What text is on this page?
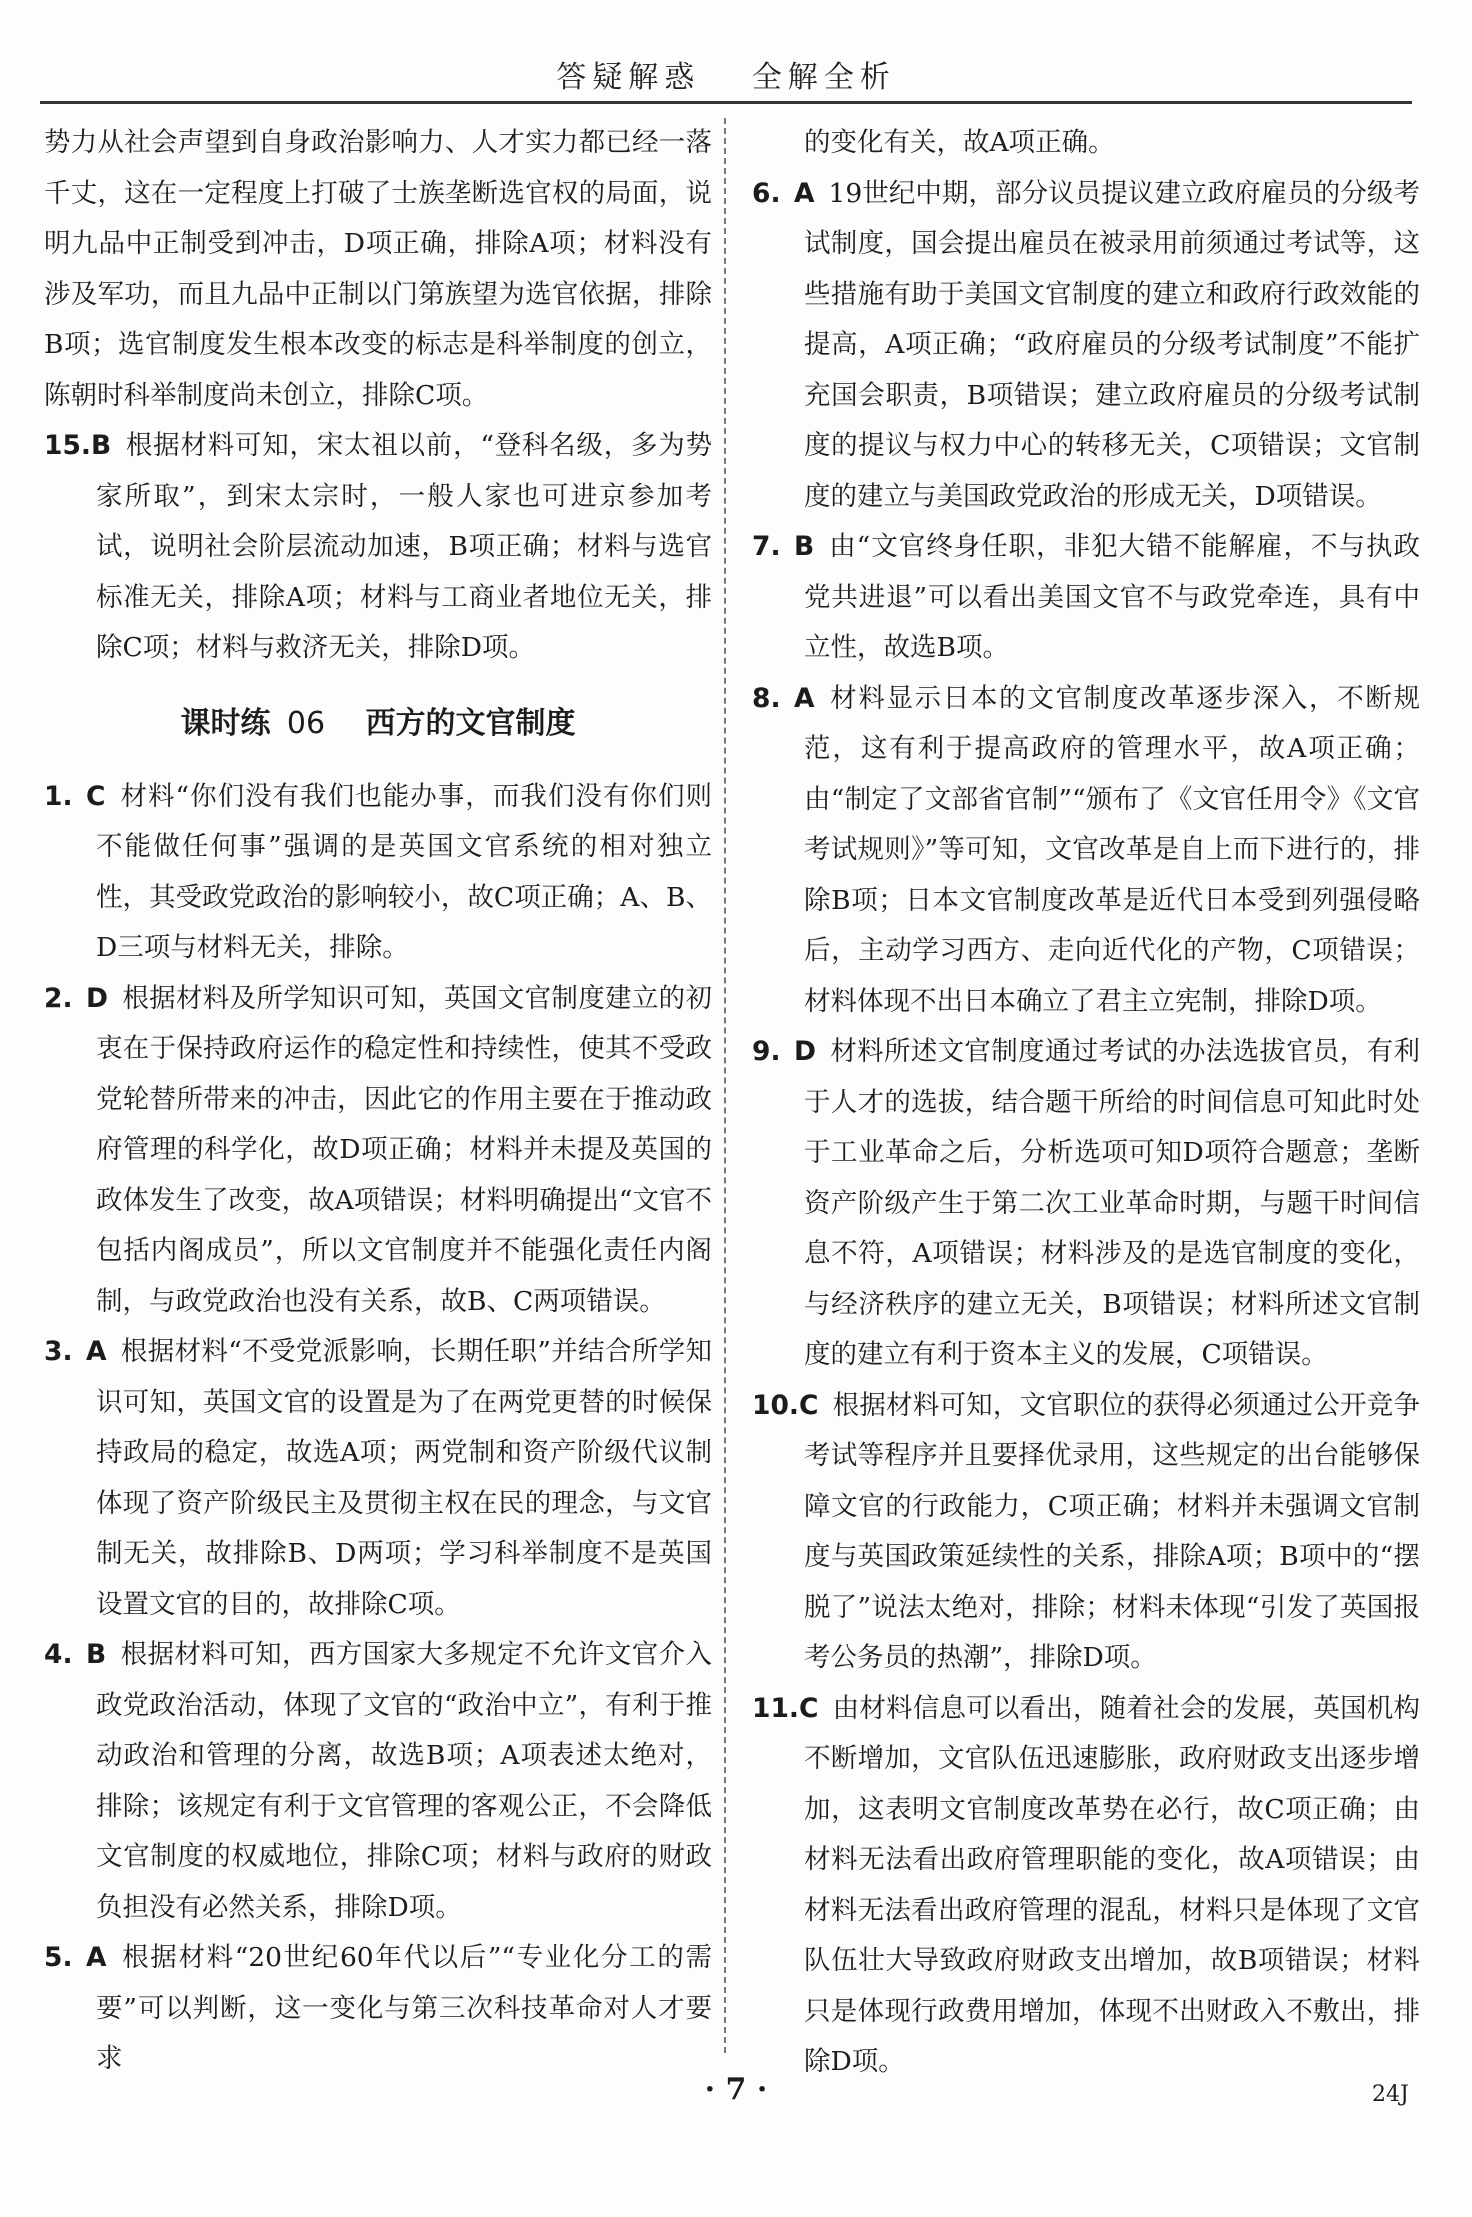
答疑解惑 全解全析

势力从社会声望到自身政治影响力、人才实力都已经一落千丈，这在一定程度上打破了士族垄断选官权的局面，说明九品中正制受到冲击，D项正确，排除A项；材料没有涉及军功，而且九品中正制以门第族望为选官依据，排除B项；选官制度发生根本改变的标志是科举制度的创立，陈朝时科举制度尚未创立，排除C项。

15.B 根据材料可知，宋太祖以前，“登科名级，多为势家所取”，到宋太宗时，一般人家也可进京参加考试，说明社会阶层流动加速，B项正确；材料与选官标准无关，排除A项；材料与工商业者地位无关，排除C项；材料与救济无关，排除D项。

课时练 06 西方的文官制度

1. C 材料“你们没有我们也能办事，而我们没有你们则不能做任何事”强调的是英国文官系统的相对独立性，其受政党政治的影响较小，故C项正确；A、B、D三项与材料无关，排除。

2. D 根据材料及所学知识可知，英国文官制度建立的初衷在于保持政府运作的稳定性和持续性，使其不受政党轮替所带来的冲击，因此它的作用主要在于推动政府管理的科学化，故D项正确；材料并未提及英国的政体发生了改变，故A项错误；材料明确提出“文官不包括内阁成员”，所以文官制度并不能强化责任内阁制，与政党政治也没有关系，故B、C两项错误。

3. A 根据材料“不受党派影响，长期任职”并结合所学知识可知，英国文官的设置是为了在两党更替的时候保持政局的稳定，故选A项；两党制和资产阶级代议制体现了资产阶级民主及贯彻主权在民的理念，与文官制无关，故排除B、D两项；学习科举制度不是英国设置文官的目的，故排除C项。

4. B 根据材料可知，西方国家大多规定不允许文官介入政党政治活动，体现了文官的“政治中立”，有利于推动政治和管理的分离，故选B项；A项表述太绝对，排除；该规定有利于文官管理的客观公正，不会降低文官制度的权威地位，排除C项；材料与政府的财政负担没有必然关系，排除D项。

5. A 根据材料“20世纪60年代以后”“专业化分工的需要”可以判断，这一变化与第三次科技革命对人才要求

的变化有关，故A项正确。

6. A 19世纪中期，部分议员提议建立政府雇员的分级考试制度，国会提出雇员在被录用前须通过考试等，这些措施有助于美国文官制度的建立和政府行政效能的提高，A项正确；“政府雇员的分级考试制度”不能扩充国会职责，B项错误；建立政府雇员的分级考试制度的提议与权力中心的转移无关，C项错误；文官制度的建立与美国政党政治的形成无关，D项错误。

7. B 由“文官终身任职，非犯大错不能解雇，不与执政党共进退”可以看出美国文官不与政党牵连，具有中立性，故选B项。

8. A 材料显示日本的文官制度改革逐步深入，不断规范，这有利于提高政府的管理水平，故A项正确；由“制定了文部省官制”“颁布了《文官任用令》《文官考试规则》”等可知，文官改革是自上而下进行的，排除B项；日本文官制度改革是近代日本受到列强侵略后，主动学习西方、走向近代化的产物，C项错误；材料体现不出日本确立了君主立宪制，排除D项。

9. D 材料所述文官制度通过考试的办法选拔官员，有利于人才的选拔，结合题干所给的时间信息可知此时处于工业革命之后，分析选项可知D项符合题意；垄断资产阶级产生于第二次工业革命时期，与题干时间信息不符，A项错误；材料涉及的是选官制度的变化，与经济秩序的建立无关，B项错误；材料所述文官制度的建立有利于资本主义的发展，C项错误。

10.C 根据材料可知，文官职位的获得必须通过公开竞争考试等程序并且要择优录用，这些规定的出台能够保障文官的行政能力，C项正确；材料并未强调文官制度与英国政策延续性的关系，排除A项；B项中的“摆脱了”说法太绝对，排除；材料未体现“引发了英国报考公务员的热潮”，排除D项。

11.C 由材料信息可以看出，随着社会的发展，英国机构不断增加，文官队伍迅速膨胀，政府财政支出逐步增加，这表明文官制度改革势在必行，故C项正确；由材料无法看出政府管理职能的变化，故A项错误；由材料无法看出政府管理的混乱，材料只是体现了文官队伍壮大导致政府财政支出增加，故B项错误；材料只是体现行政费用增加，体现不出财政入不敷出，排除D项。

· 7 ·	24J
